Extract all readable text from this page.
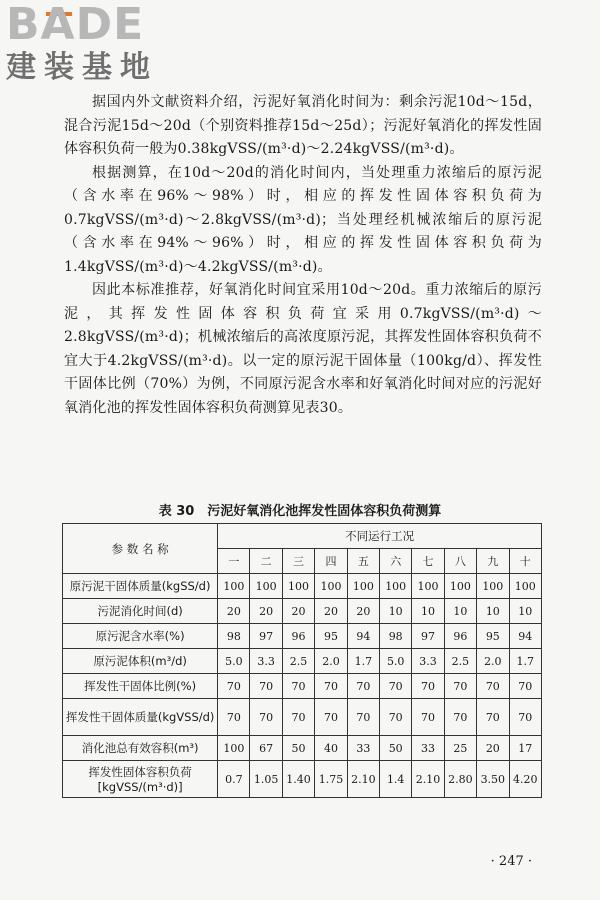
BADE
建装基地

据国内外文献资料介绍，污泥好氧消化时间为：剩余污泥10d～15d，混合污泥15d～20d（个别资料推荐15d～25d）；污泥好氧消化的挥发性固体容积负荷一般为0.38kgVSS/(m³·d)～2.24kgVSS/(m³·d)。

根据测算，在10d～20d的消化时间内，当处理重力浓缩后的原污泥（含水率在96%～98%）时，相应的挥发性固体容积负荷为0.7kgVSS/(m³·d)～2.8kgVSS/(m³·d)；当处理经机械浓缩后的原污泥（含水率在94%～96%）时，相应的挥发性固体容积负荷为1.4kgVSS/(m³·d)～4.2kgVSS/(m³·d)。

因此本标准推荐，好氧消化时间宜采用10d～20d。重力浓缩后的原污泥，其挥发性固体容积负荷宜采用0.7kgVSS/(m³·d)～2.8kgVSS/(m³·d)；机械浓缩后的高浓度原污泥，其挥发性固体容积负荷不宜大于4.2kgVSS/(m³·d)。以一定的原污泥干固体量（100kg/d）、挥发性干固体比例（70%）为例，不同原污泥含水率和好氧消化时间对应的污泥好氧消化池的挥发性固体容积负荷测算见表30。

表 30　污泥好氧消化池挥发性固体容积负荷测算
参 数 名 称	不同运行工况									
	一	二	三	四	五	六	七	八	九	十
原污泥干固体质量(kgSS/d)	100	100	100	100	100	100	100	100	100	100
污泥消化时间(d)	20	20	20	20	20	10	10	10	10	10
原污泥含水率(%)	98	97	96	95	94	98	97	96	95	94
原污泥体积(m³/d)	5.0	3.3	2.5	2.0	1.7	5.0	3.3	2.5	2.0	1.7
挥发性干固体比例(%)	70	70	70	70	70	70	70	70	70	70
挥发性干固体质量(kgVSS/d)	70	70	70	70	70	70	70	70	70	70
消化池总有效容积(m³)	100	67	50	40	33	50	33	25	20	17
挥发性固体容积负荷[kgVSS/(m³·d)]	0.7	1.05	1.40	1.75	2.10	1.4	2.10	2.80	3.50	4.20
· 247 ·
